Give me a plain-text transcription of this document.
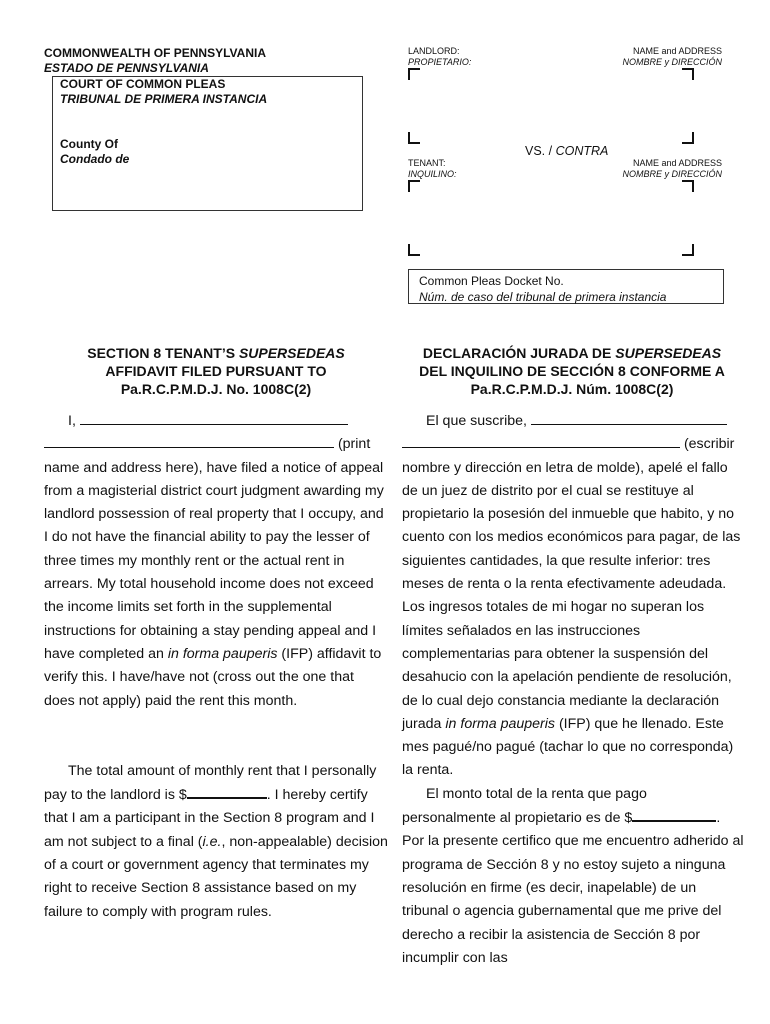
COMMONWEALTH OF PENNSYLVANIA
ESTADO DE PENNSYLVANIA
COURT OF COMMON PLEAS
TRIBUNAL DE PRIMERA INSTANCIA
County Of
Condado de
LANDLORD:
PROPIETARIO:
NAME and ADDRESS
NOMBRE y DIRECCIÓN
VS. / CONTRA
TENANT:
INQUILINO:
NAME and ADDRESS
NOMBRE y DIRECCIÓN
Common Pleas Docket No.
Núm. de caso del tribunal de primera instancia
SECTION 8 TENANT’S SUPERSEDEAS
AFFIDAVIT FILED PURSUANT TO
Pa.R.C.P.M.D.J. No. 1008C(2)
DECLARACIÓN JURADA DE SUPERSEDEAS
DEL INQUILINO DE SECCIÓN 8 CONFORME A
Pa.R.C.P.M.D.J. Núm. 1008C(2)

I,
(print name and address here), have filed a notice of appeal from a magisterial district court judgment awarding my landlord possession of real property that I occupy, and I do not have the financial ability to pay the lesser of three times my monthly rent or the actual rent in arrears. My total household income does not exceed the income limits set forth in the supplemental instructions for obtaining a stay pending appeal and I have completed an in forma pauperis (IFP) affidavit to verify this. I have/have not (cross out the one that does not apply) paid the rent this month.

The total amount of monthly rent that I personally pay to the landlord is $	. I hereby certify that I am a participant in the Section 8 program and I am not subject to a final (i.e., non-appealable) decision of a court or government agency that terminates my right to receive Section 8 assistance based on my failure to comply with program rules.

El que suscribe,
(escribir nombre y dirección en letra de molde), apelé el fallo de un juez de distrito por el cual se restituye al propietario la posesión del inmueble que habito, y no cuento con los medios económicos para pagar, de las siguientes cantidades, la que resulte inferior: tres meses de renta o la renta efectivamente adeudada. Los ingresos totales de mi hogar no superan los límites señalados en las instrucciones complementarias para obtener la suspensión del desahucio con la apelación pendiente de resolución, de lo cual dejo constancia mediante la declaración jurada in forma pauperis (IFP) que he llenado. Este mes pagué/no pagué (tachar lo que no corresponda) la renta.

El monto total de la renta que pago personalmente al propietario es de $	. Por la presente certifico que me encuentro adherido al programa de Sección 8 y no estoy sujeto a ninguna resolución en firme (es decir, inapelable) de un tribunal o agencia gubernamental que me prive del derecho a recibir la asistencia de Sección 8 por incumplir con las
